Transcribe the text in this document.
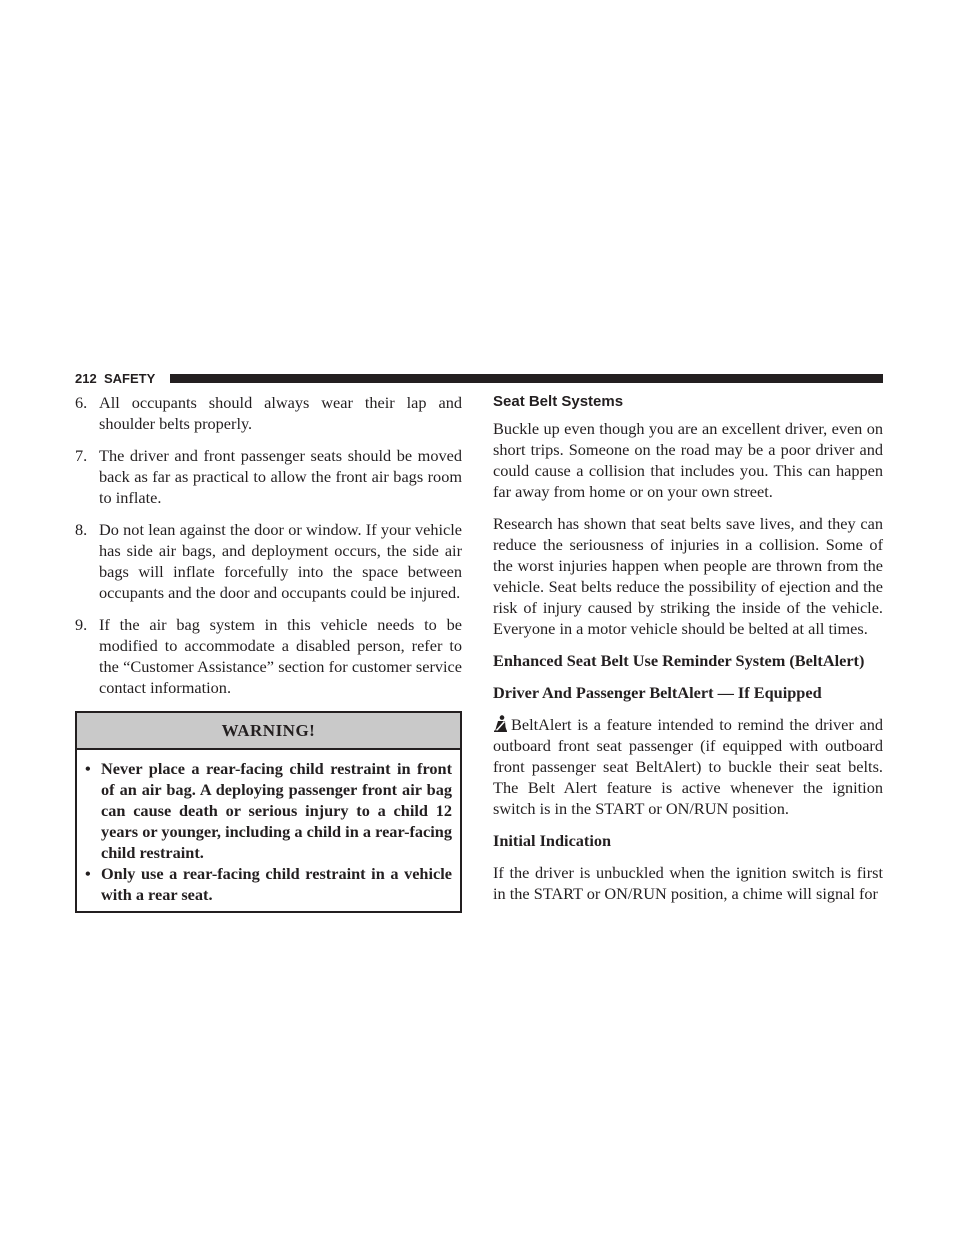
212 SAFETY
6. All occupants should always wear their lap and shoulder belts properly.
7. The driver and front passenger seats should be moved back as far as practical to allow the front air bags room to inflate.
8. Do not lean against the door or window. If your vehicle has side air bags, and deployment occurs, the side air bags will inflate forcefully into the space between occupants and the door and occupants could be injured.
9. If the air bag system in this vehicle needs to be modified to accommodate a disabled person, refer to the “Customer Assistance” section for customer service contact information.
WARNING!
• Never place a rear-facing child restraint in front of an air bag. A deploying passenger front air bag can cause death or serious injury to a child 12 years or younger, including a child in a rear-facing child restraint.
• Only use a rear-facing child restraint in a vehicle with a rear seat.
Seat Belt Systems

Buckle up even though you are an excellent driver, even on short trips. Someone on the road may be a poor driver and could cause a collision that includes you. This can happen far away from home or on your own street.

Research has shown that seat belts save lives, and they can reduce the seriousness of injuries in a collision. Some of the worst injuries happen when people are thrown from the vehicle. Seat belts reduce the possibility of ejection and the risk of injury caused by striking the inside of the vehicle. Everyone in a motor vehicle should be belted at all times.

Enhanced Seat Belt Use Reminder System (BeltAlert)

Driver And Passenger BeltAlert — If Equipped

BeltAlert is a feature intended to remind the driver and outboard front seat passenger (if equipped with outboard front passenger seat BeltAlert) to buckle their seat belts. The Belt Alert feature is active whenever the ignition switch is in the START or ON/RUN position.

Initial Indication

If the driver is unbuckled when the ignition switch is first in the START or ON/RUN position, a chime will signal for
